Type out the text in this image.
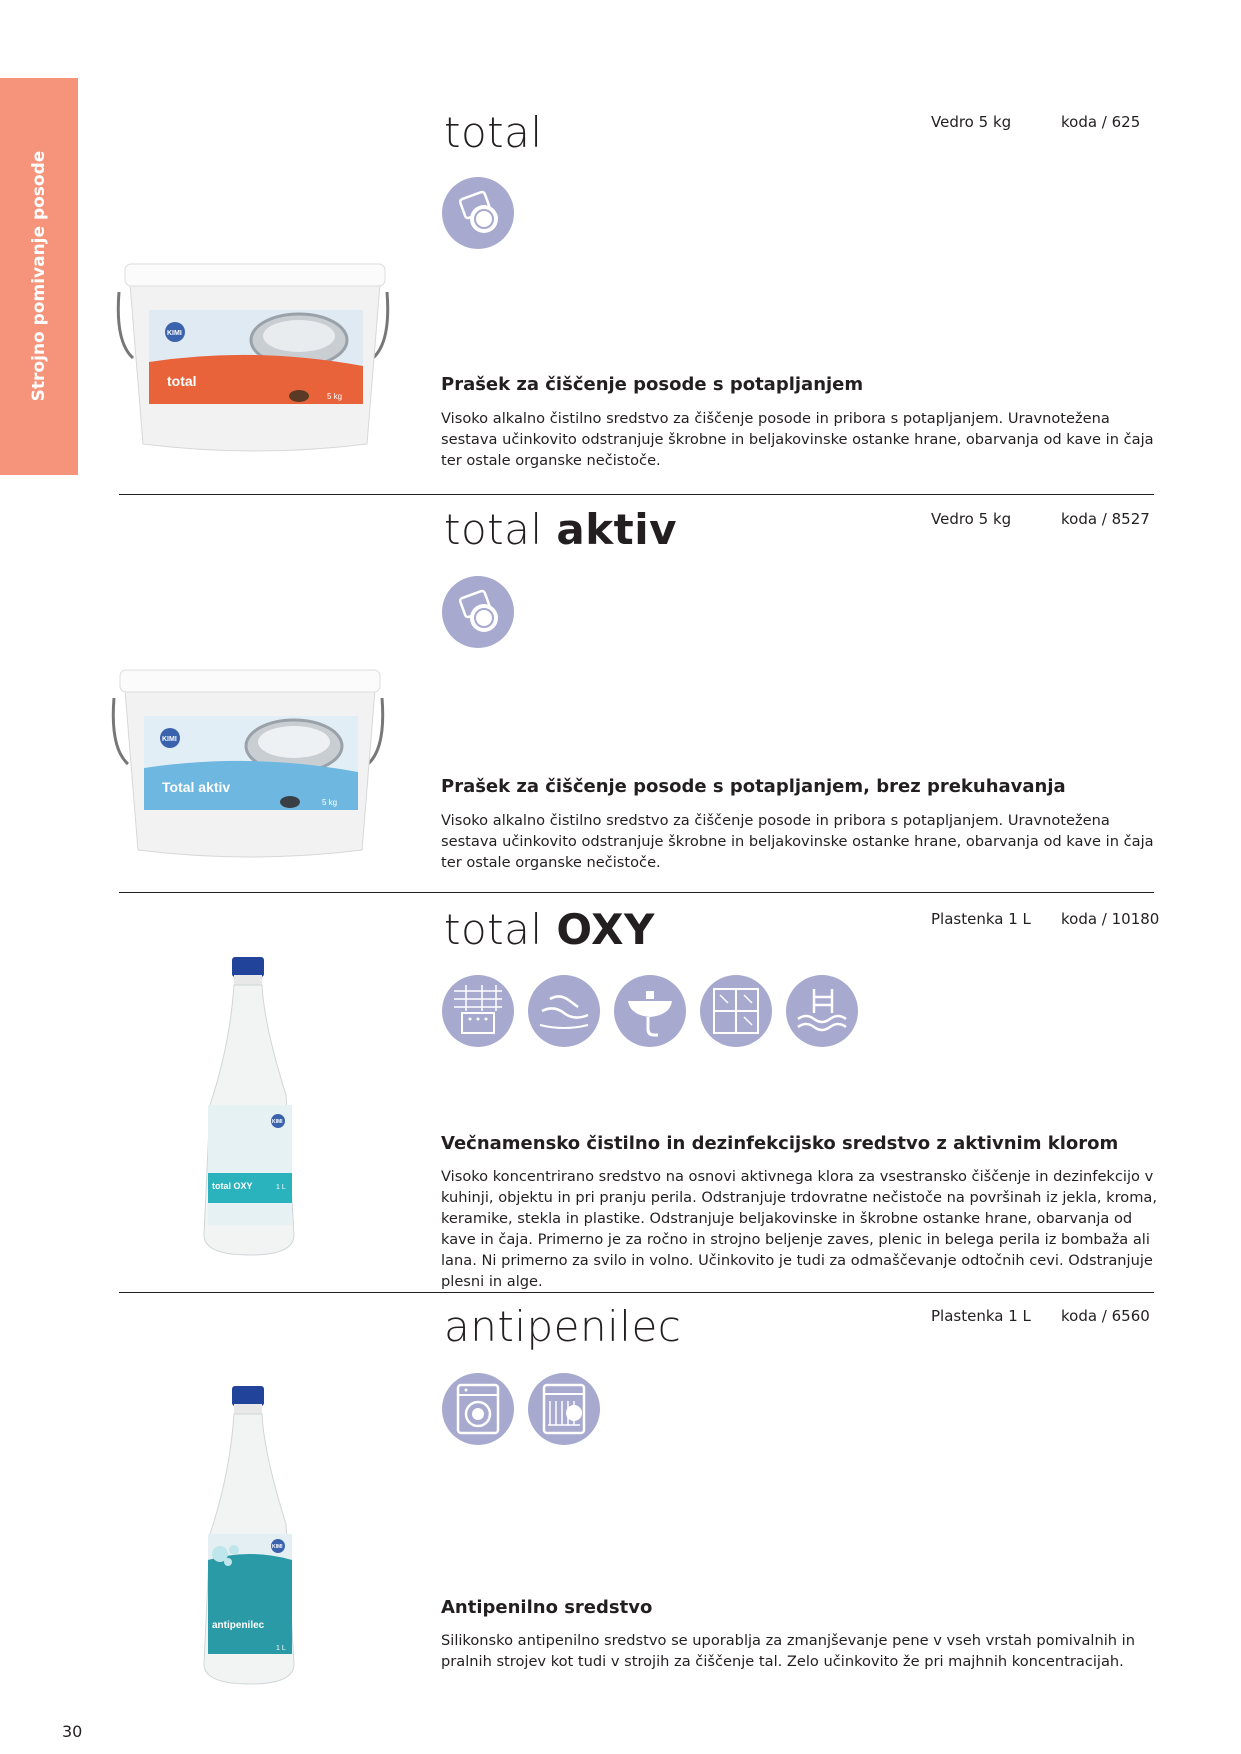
Strojno pomivanje posode	KIMI
total
5 kg
total	Vedro 5 kg	koda / 625
Prašek za čiščenje posode s potapljanjem
Visoko alkalno čistilno sredstvo za čiščenje posode in pribora s potapljanjem. Uravnotežena sestava učinkovito odstranjuje škrobne in beljakovinske ostanke hrane, obarvanja od kave in čaja ter ostale organske nečistoče.
KIMI
Total aktiv
5 kg
total aktiv	Vedro 5 kg	koda / 8527
Prašek za čiščenje posode s potapljanjem, brez prekuhavanja
Visoko alkalno čistilno sredstvo za čiščenje posode in pribora s potapljanjem. Uravnotežena sestava učinkovito odstranjuje škrobne in beljakovinske ostanke hrane, obarvanja od kave in čaja ter ostale organske nečistoče.
total OXY	1 L
KIMI
total OXY	Plastenka 1 L koda / 10180
Večnamensko čistilno in dezinfekcijsko sredstvo z aktivnim klorom
Visoko koncentrirano sredstvo na osnovi aktivnega klora za vsestransko čiščenje in dezinfekcijo v kuhinji, objektu in pri pranju perila. Odstranjuje trdovratne nečistoče na površinah iz jekla, kroma, keramike, stekla in plastike. Odstranjuje beljakovinske in škrobne ostanke hrane, obarvanja od kave in čaja. Primerno je za ročno in strojno beljenje zaves, plenic in belega perila iz bombaža ali lana. Ni primerno za svilo in volno. Učinkovito je tudi za odmaščevanje odtočnih cevi. Odstranjuje plesni in alge.
KIMI
antipenilec
1 L
antipenilec	Plastenka 1 L koda / 6560
Antipenilno sredstvo
Silikonsko antipenilno sredstvo se uporablja za zmanjševanje pene v vseh vrstah pomivalnih in pralnih strojev kot tudi v strojih za čiščenje tal. Zelo učinkovito že pri majhnih koncentracijah.
30
